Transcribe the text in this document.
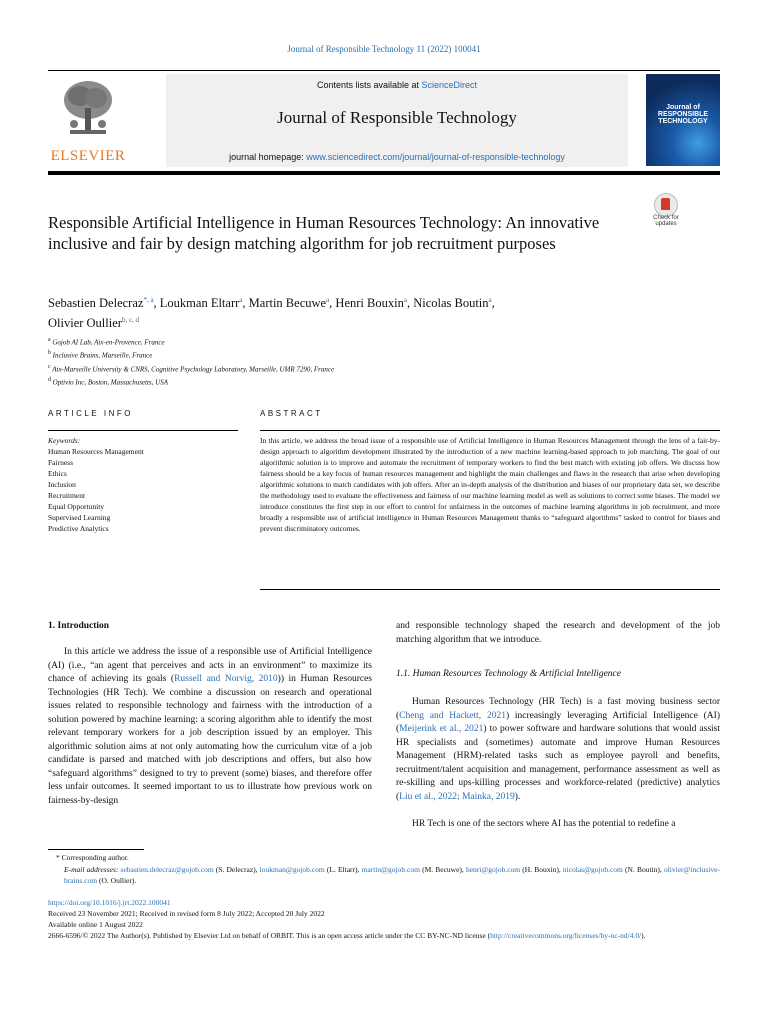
Journal of Responsible Technology 11 (2022) 100041
ELSEVIER
Contents lists available at ScienceDirect
Journal of Responsible Technology
journal homepage: www.sciencedirect.com/journal/journal-of-responsible-technology
Journal of RESPONSIBLE TECHNOLOGY
Check for updates
Responsible Artificial Intelligence in Human Resources Technology: An innovative inclusive and fair by design matching algorithm for job recruitment purposes
Sebastien Delecraz$^{*, a}$, Loukman Eltarr$^a$, Martin Becuwe$^a$, Henri Bouxin$^a$, Nicolas Boutin$^a$,
Olivier Oullier$^{b, c, d}$
$^a$ Gojob AI Lab, Aix-en-Provence, France
$^b$ Inclusive Brains, Marseille, France
$^c$ Aix-Marseille University & CNRS, Cognitive Psychology Laboratory, Marseille, UMR 7290, France
$^d$ Optivio Inc, Boston, Massachusetts, USA
ARTICLE INFO	ABSTRACT
Keywords:
Human Resources Management
Fairness
Ethics
Inclusion
Recruitment
Equal Opportunity
Supervised Learning
Predictive Analytics
In this article, we address the broad issue of a responsible use of Artificial Intelligence in Human Resources Management through the lens of a fair-by-design approach to algorithm development illustrated by the introduction of a new machine learning-based approach to job matching. The goal of our algorithmic solution is to improve and automate the recruitment of temporary workers to find the best match with existing job offers. We discuss how fairness should be a key focus of human resources management and highlight the main challenges and flaws in the research that arise when developing algorithmic solutions to match candidates with job offers. After an in-depth analysis of the distribution and biases of our proprietary data set, we describe the methodology used to evaluate the effectiveness and fairness of our machine learning model as well as solutions to correct some biases. The model we introduce constitutes the first step in our effort to control for unfairness in the outcomes of machine learning algorithms in job recruitment, and more broadly a responsible use of artificial intelligence in Human Resources Management thanks to “safeguard algorithms” tasked to control for biases and prevent discriminatory outcomes.
1. Introduction
In this article we address the issue of a responsible use of Artificial Intelligence (AI) (i.e., “an agent that perceives and acts in an environment” to maximize its chance of achieving its goals (Russell and Norvig, 2010)) in Human Resources Technologies (HR Tech). We combine a discussion on research and operational issues related to responsible technology and fairness with the introduction of a solution powered by machine learning: a scoring algorithm able to identify the most relevant temporary workers for a job description issued by an employer. This algorithmic solution aims at not only automating how the curriculum vitæ of a job candidate is parsed and matched with job descriptions and offers, but also how “safeguard algorithms” designed to try to prevent (some) biases, and therefore offer less unfair outcomes. It seemed important to us to illustrate how previous work on fairness-by-design
and responsible technology shaped the research and development of the job matching algorithm that we introduce.
1.1. Human Resources Technology & Artificial Intelligence
Human Resources Technology (HR Tech) is a fast moving business sector (Cheng and Hackett, 2021) increasingly leveraging Artificial Intelligence (AI) (Meijerink et al., 2021) to power software and hardware solutions that would assist HR specialists and (sometimes) automate and improve Human Resources Management (HRM)-related tasks such as employee payroll and benefits, recruitment/talent acquisition and management, performance assessment as well as re-skilling and ups-killing processes and workforce-related (predictive) analytics (Liu et al., 2022; Mainka, 2019).
HR Tech is one of the sectors where AI has the potential to redefine a
* Corresponding author.
E-mail addresses: sebastien.delecraz@gojob.com (S. Delecraz), loukman@gojob.com (L. Eltarr), martin@gojob.com (M. Becuwe), henri@gojob.com (H. Bouxin), nicolas@gojob.com (N. Boutin), olivier@inclusive-brains.com (O. Oullier).
https://doi.org/10.1016/j.jrt.2022.100041
Received 23 November 2021; Received in revised form 8 July 2022; Accepted 20 July 2022
Available online 1 August 2022
2666-6596/© 2022 The Author(s). Published by Elsevier Ltd on behalf of ORBIT. This is an open access article under the CC BY-NC-ND license (http://creativecommons.org/licenses/by-nc-nd/4.0/).
